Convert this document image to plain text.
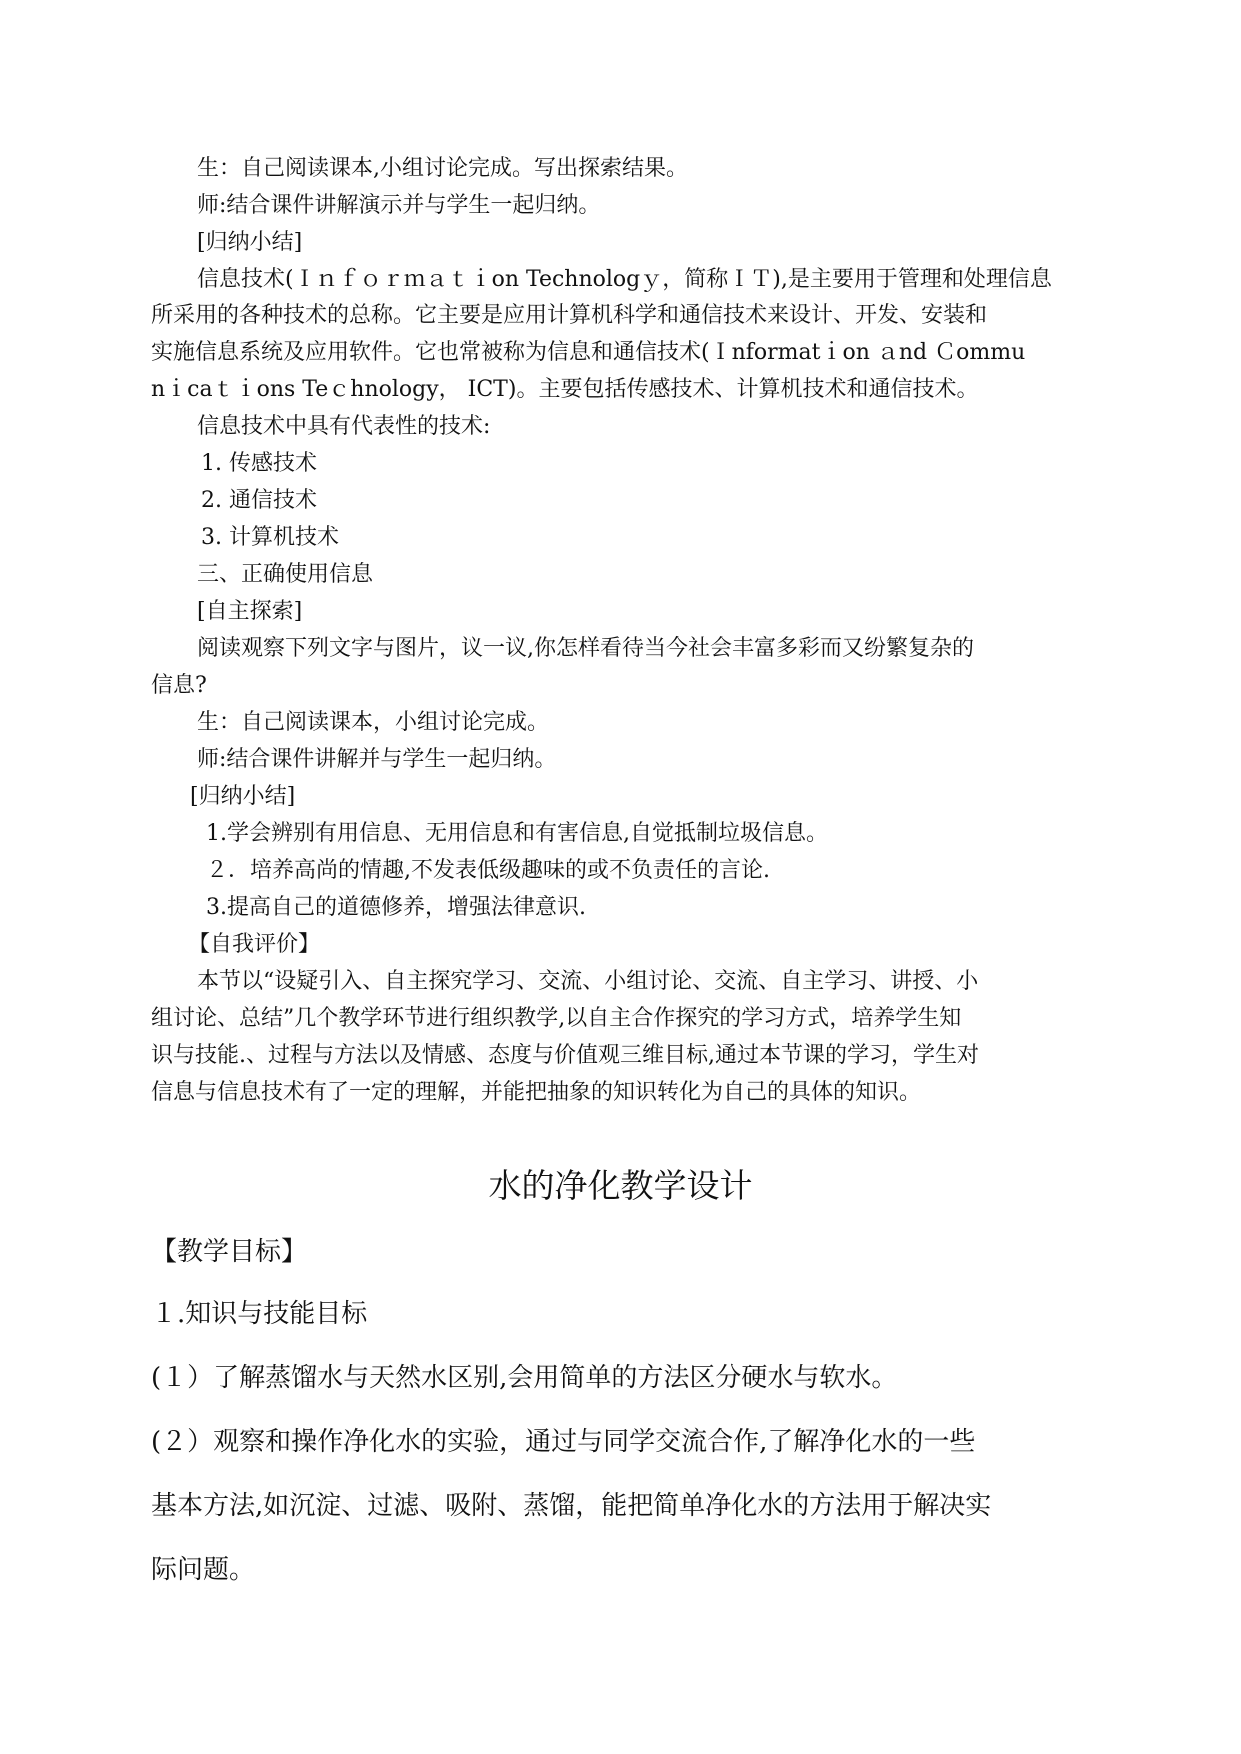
生：自己阅读课本,小组讨论完成。写出探索结果。
师:结合课件讲解演示并与学生一起归纳。
[归纳小结]
信息技术(Ｉｎｆｏｒｍａｔｉon Technologｙ，简称ＩＴ),是主要用于管理和处理信息
所采用的各种技术的总称。它主要是应用计算机科学和通信技术来设计、开发、安装和
实施信息系统及应用软件。它也常被称为信息和通信技术(Ｉnformatｉon ａnd Ｃommu
nｉcaｔｉons Teｃhnology， ICT)。主要包括传感技术、计算机技术和通信技术。
信息技术中具有代表性的技术:
1. 传感技术
2. 通信技术
3. 计算机技术
三、正确使用信息
[自主探索]
阅读观察下列文字与图片，议一议,你怎样看待当今社会丰富多彩而又纷繁复杂的
信息?
生：自己阅读课本，小组讨论完成。
师:结合课件讲解并与学生一起归纳。
[归纳小结]
1.学会辨别有用信息、无用信息和有害信息,自觉抵制垃圾信息。
２．培养高尚的情趣,不发表低级趣味的或不负责任的言论.
3.提高自己的道德修养，增强法律意识.
【自我评价】
本节以“设疑引入、自主探究学习、交流、小组讨论、交流、自主学习、讲授、小
组讨论、总结”几个教学环节进行组织教学,以自主合作探究的学习方式，培养学生知
识与技能.、过程与方法以及情感、态度与价值观三维目标,通过本节课的学习，学生对
信息与信息技术有了一定的理解，并能把抽象的知识转化为自己的具体的知识。
水的净化教学设计
【教学目标】
１.知识与技能目标
(１）了解蒸馏水与天然水区别,会用简单的方法区分硬水与软水。
(２）观察和操作净化水的实验，通过与同学交流合作,了解净化水的一些
基本方法,如沉淀、过滤、吸附、蒸馏，能把简单净化水的方法用于解决实
际问题。
